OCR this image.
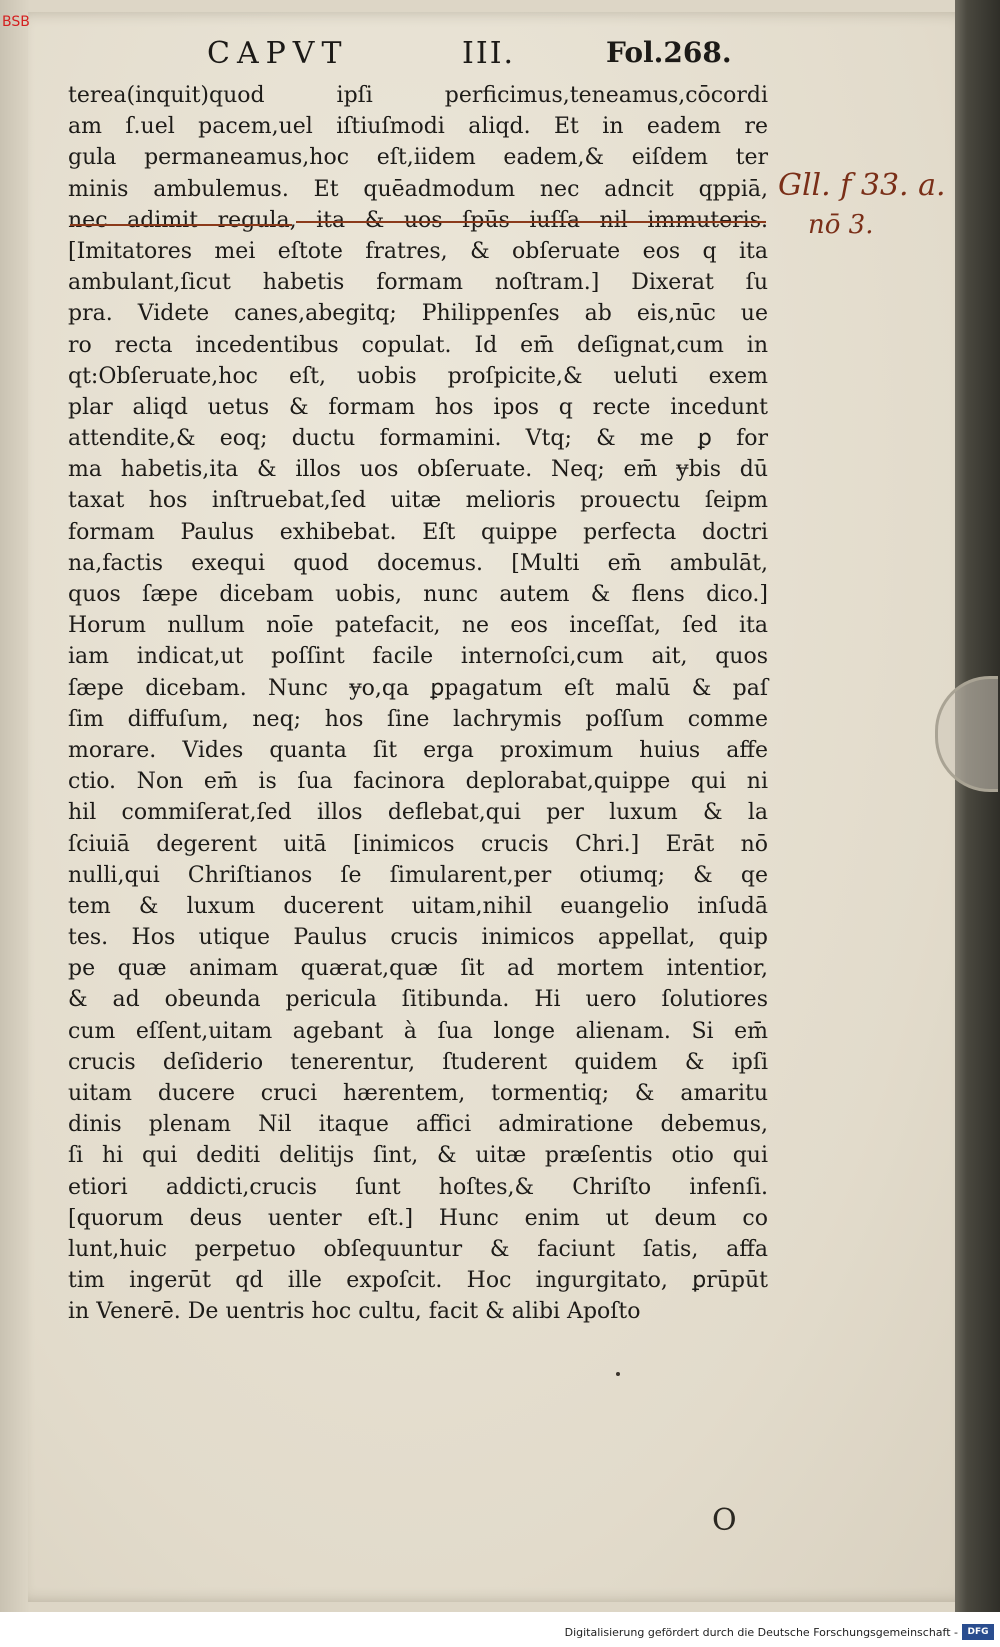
BSB
CAPVT	III.	Fol.268.
terea(inquit)quod ipſi perficimus,teneamus,cōcordi
am ſ.uel pacem,uel iſtiuſmodi aliqd. Et in eadem re
gula permaneamus,hoc eſt,iidem eadem,& eiſdem ter
minis ambulemus. Et quēadmodum nec adncit qppiā,
nec adimit regula, ita & uos ſpūs iuſſa nil immuteris.
[Imitatores mei eſtote fratres, & obſeruate eos q ita
ambulant,ſicut habetis formam noſtram.] Dixerat ſu
pra. Videte canes,abegitq; Philippenſes ab eis,nūc ue
ro recta incedentibus copulat. Id em̄ deſignat,cum in
qt:Obſeruate,hoc eſt, uobis proſpicite,& ueluti exem
plar aliqd uetus & formam hos ipos q recte incedunt
attendite,& eoq; ductu formamini. Vtq; & me ꝑ for
ma habetis,ita & illos uos obſeruate. Neq; em̄ ɏbis dū
taxat hos inſtruebat,ſed uitæ melioris prouectu ſeipm
formam Paulus exhibebat. Eſt quippe perfecta doctri
na,factis exequi quod docemus. [Multi em̄ ambulāt,
quos ſæpe dicebam uobis, nunc autem & flens dico.]
Horum nullum noīe patefacit, ne eos inceſſat, ſed ita
iam indicat,ut poſſint facile internoſci,cum ait, quos
ſæpe dicebam. Nunc ɏo,qa ꝑpagatum eſt malū & paſ
ſim diffuſum, neq; hos ſine lachrymis poſſum comme
morare. Vides quanta ſit erga proximum huius affe
ctio. Non em̄ is ſua facinora deplorabat,quippe qui ni
hil commiſerat,ſed illos deflebat,qui per luxum & la
ſciuiā degerent uitā [inimicos crucis Chri.] Erāt nō
nulli,qui Chriſtianos ſe ſimularent,per otiumq; & qe
tem & luxum ducerent uitam,nihil euangelio inſudā
tes. Hos utique Paulus crucis inimicos appellat, quip
pe quæ animam quærat,quæ ſit ad mortem intentior,
& ad obeunda pericula ſitibunda. Hi uero ſolutiores
cum eſſent,uitam agebant à ſua longe alienam. Si em̄
crucis deſiderio tenerentur, ſtuderent quidem & ipſi
uitam ducere cruci hærentem, tormentiq; & amaritu
dinis plenam Nil itaque affici admiratione debemus,
ſi hi qui dediti delitijs ſint, & uitæ præſentis otio qui
etiori addicti,crucis ſunt hoſtes,& Chriſto infenſi.
[quorum deus uenter eſt.] Hunc enim ut deum co
lunt,huic perpetuo obſequuntur & faciunt ſatis, affa
tim ingerūt qd ille expoſcit. Hoc ingurgitato, ꝑrūpūt
in Venerē. De uentris hoc cultu, facit & alibi Apoſto
Gll. f 33. a.
nō 3.
O
Digitalisierung gefördert durch die Deutsche Forschungsgemeinschaft -	DFG
